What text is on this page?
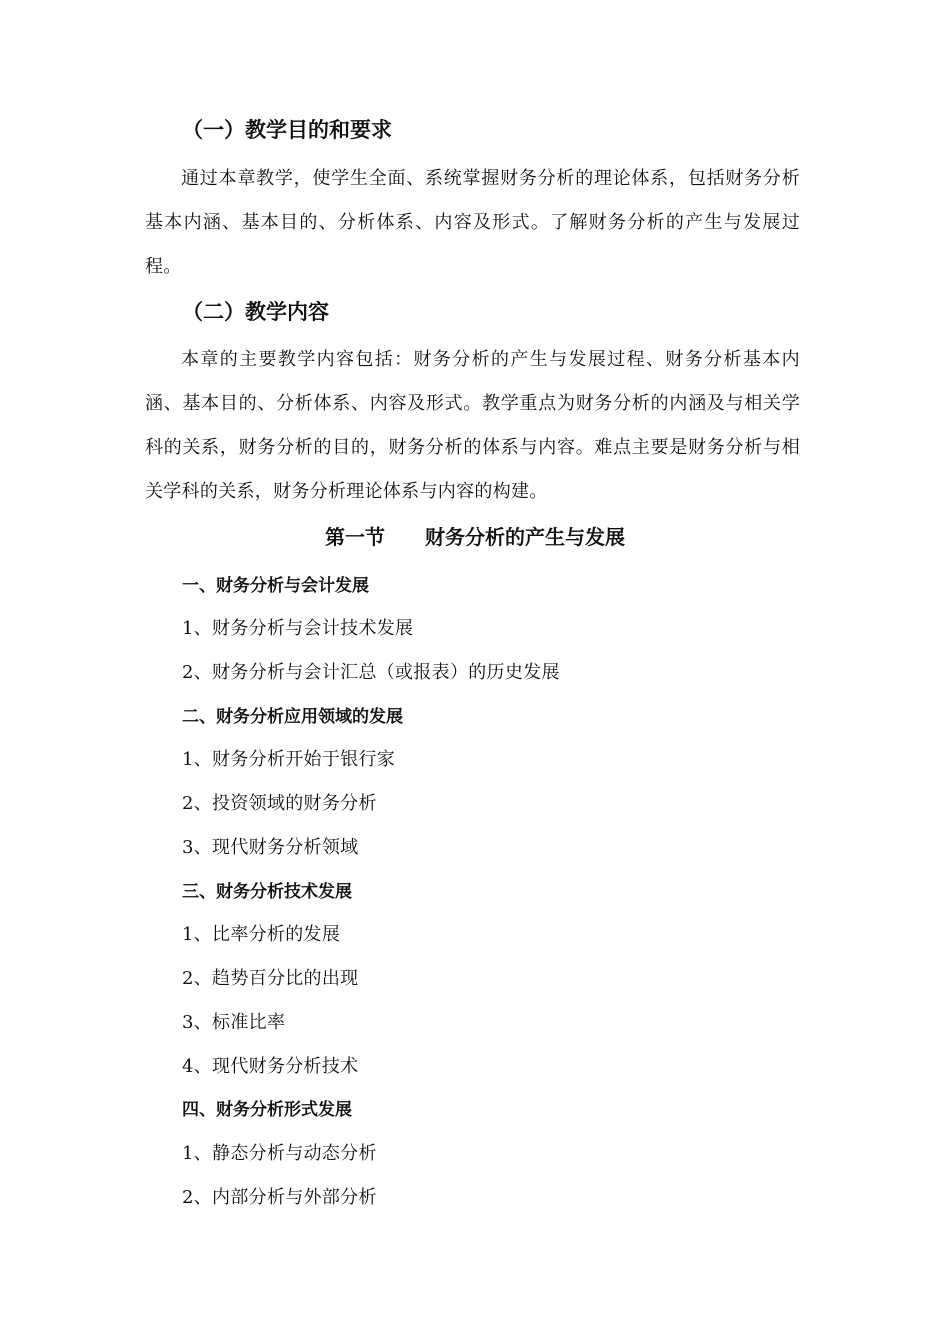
（一）教学目的和要求
通过本章教学，使学生全面、系统掌握财务分析的理论体系，包括财务分析基本内涵、基本目的、分析体系、内容及形式。了解财务分析的产生与发展过程。
（二）教学内容
本章的主要教学内容包括：财务分析的产生与发展过程、财务分析基本内涵、基本目的、分析体系、内容及形式。教学重点为财务分析的内涵及与相关学科的关系，财务分析的目的，财务分析的体系与内容。难点主要是财务分析与相关学科的关系，财务分析理论体系与内容的构建。
第一节　　财务分析的产生与发展
一、财务分析与会计发展
1、财务分析与会计技术发展
2、财务分析与会计汇总（或报表）的历史发展
二、财务分析应用领域的发展
1、财务分析开始于银行家
2、投资领域的财务分析
3、现代财务分析领域
三、财务分析技术发展
1、比率分析的发展
2、趋势百分比的出现
3、标准比率
4、现代财务分析技术
四、财务分析形式发展
1、静态分析与动态分析
2、内部分析与外部分析
